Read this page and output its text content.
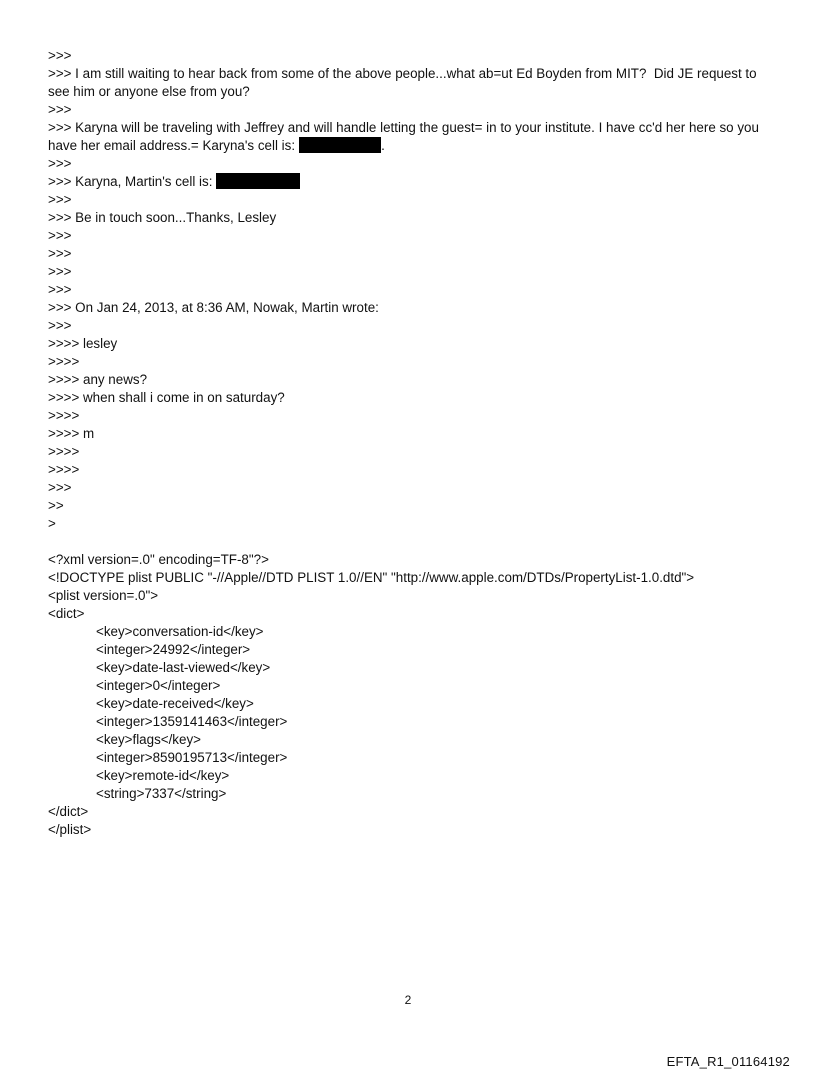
>>>
>>> I am still waiting to hear back from some of the above people...what ab=ut Ed Boyden from MIT?  Did JE request to see him or anyone else from you?
>>>
>>> Karyna will be traveling with Jeffrey and will handle letting the guest= in to your institute. I have cc'd her here so you have her email address.= Karyna's cell is:	.
>>>
>>> Karyna, Martin's cell is:
>>>
>>> Be in touch soon...Thanks, Lesley
>>>
>>>
>>>
>>>
>>> On Jan 24, 2013, at 8:36 AM, Nowak, Martin wrote:
>>>
>>>> lesley
>>>>
>>>> any news?
>>>> when shall i come in on saturday?
>>>>
>>>> m
>>>>
>>>>
>>>
>>
>
<?xml version=.0" encoding=TF-8"?>
<!DOCTYPE plist PUBLIC "-//Apple//DTD PLIST 1.0//EN" "http://www.apple.com/DTDs/PropertyList-1.0.dtd">
<plist version=.0">
<dict>
<key>conversation-id</key>
<integer>24992</integer>
<key>date-last-viewed</key>
<integer>0</integer>
<key>date-received</key>
<integer>1359141463</integer>
<key>flags</key>
<integer>8590195713</integer>
<key>remote-id</key>
<string>7337</string>
</dict>
</plist>
2
EFTA_R1_01164192
